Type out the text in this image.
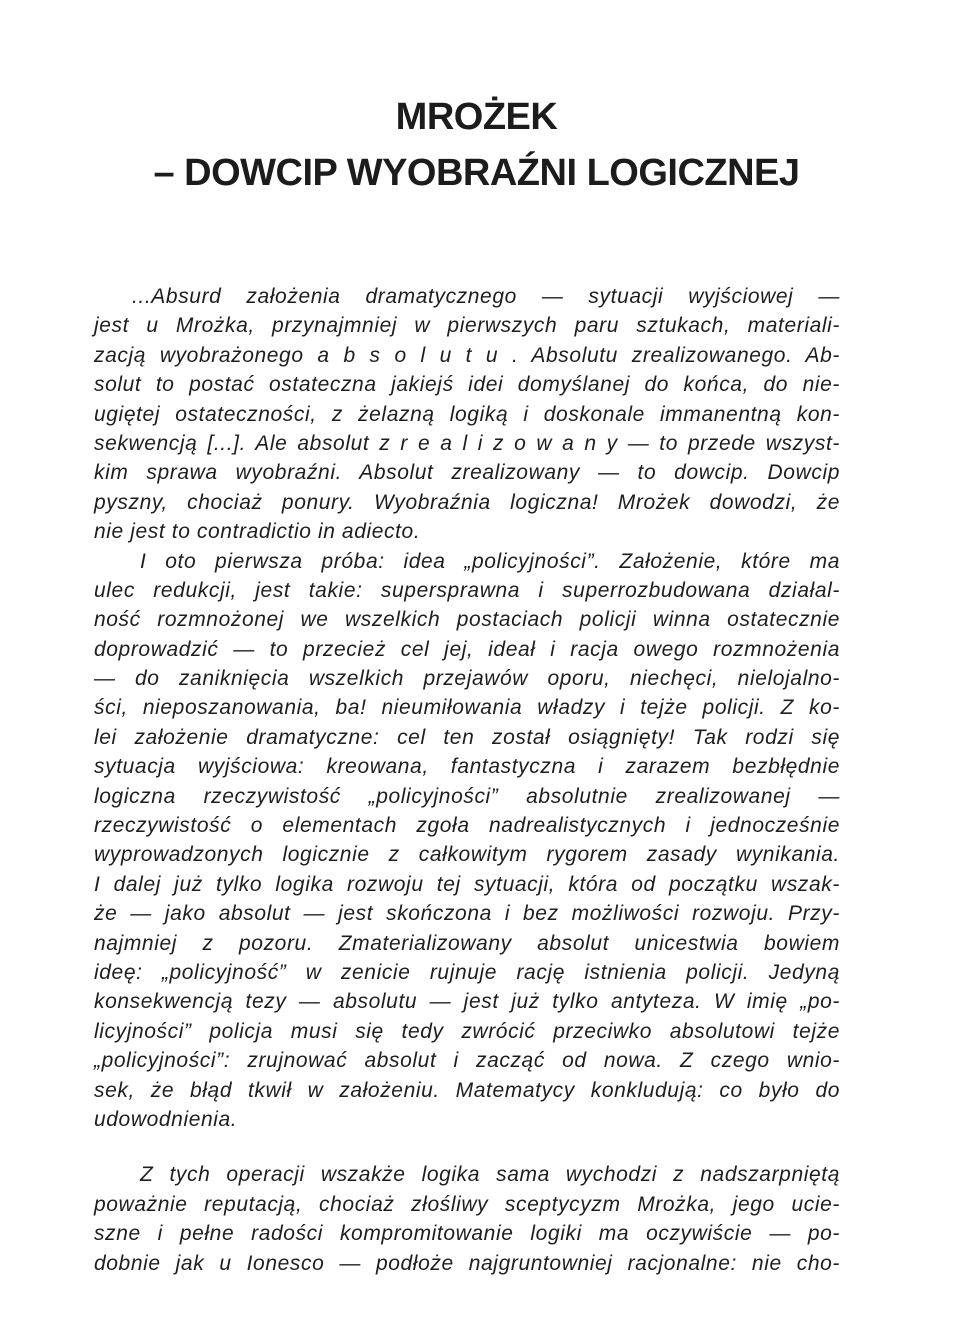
MROŻEK
– DOWCIP WYOBRAŹNI LOGICZNEJ
...Absurd założenia dramatycznego — sytuacji wyjściowej —
jest u Mrożka, przynajmniej w pierwszych paru sztukach, materiali-
zacją wyobrażonego a b s o l u t u . Absolutu zrealizowanego. Ab-
solut to postać ostateczna jakiejś idei domyślanej do końca, do nie-
ugiętej ostateczności, z żelazną logiką i doskonale immanentną kon-
sekwencją [...]. Ale absolut z r e a l i z o w a n y — to przede wszyst-
kim sprawa wyobraźni. Absolut zrealizowany — to dowcip. Dowcip
pyszny, chociaż ponury. Wyobraźnia logiczna! Mrożek dowodzi, że
nie jest to contradictio in adiecto.
I oto pierwsza próba: idea „policyjności”. Założenie, które ma
ulec redukcji, jest takie: supersprawna i superrozbudowana działal-
ność rozmnożonej we wszelkich postaciach policji winna ostatecznie
doprowadzić — to przecież cel jej, ideał i racja owego rozmnożenia
— do zaniknięcia wszelkich przejawów oporu, niechęci, nielojalno-
ści, nieposzanowania, ba! nieumiłowania władzy i tejże policji. Z ko-
lei założenie dramatyczne: cel ten został osiągnięty! Tak rodzi się
sytuacja wyjściowa: kreowana, fantastyczna i zarazem bezbłędnie
logiczna rzeczywistość „policyjności” absolutnie zrealizowanej —
rzeczywistość o elementach zgoła nadrealistycznych i jednocześnie
wyprowadzonych logicznie z całkowitym rygorem zasady wynikania.
I dalej już tylko logika rozwoju tej sytuacji, która od początku wszak-
że — jako absolut — jest skończona i bez możliwości rozwoju. Przy-
najmniej z pozoru. Zmaterializowany absolut unicestwia bowiem
ideę: „policyjność” w zenicie rujnuje rację istnienia policji. Jedyną
konsekwencją tezy — absolutu — jest już tylko antyteza. W imię „po-
licyjności” policja musi się tedy zwrócić przeciwko absolutowi tejże
„policyjności”: zrujnować absolut i zacząć od nowa. Z czego wnio-
sek, że błąd tkwił w założeniu. Matematycy konkludują: co było do
udowodnienia.
Z tych operacji wszakże logika sama wychodzi z nadszarpniętą
poważnie reputacją, chociaż złośliwy sceptycyzm Mrożka, jego ucie-
szne i pełne radości kompromitowanie logiki ma oczywiście — po-
dobnie jak u Ionesco — podłoże najgruntowniej racjonalne: nie cho-
